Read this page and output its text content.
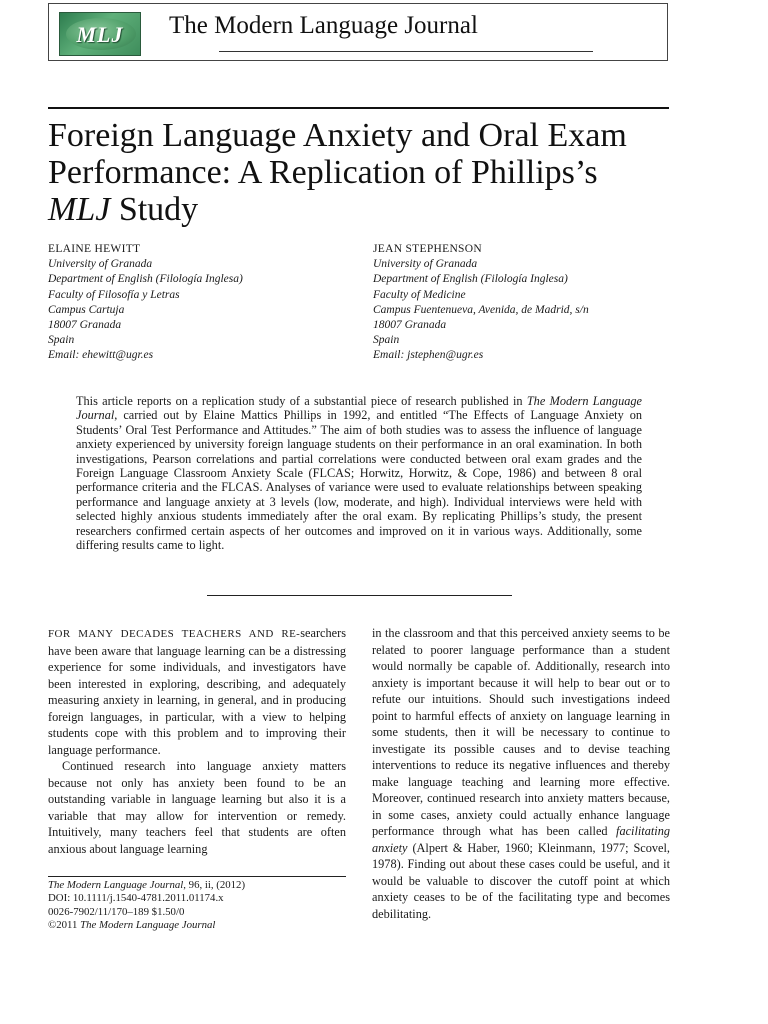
MLJ	The Modern Language Journal
Foreign Language Anxiety and Oral Exam Performance: A Replication of Phillips’s MLJ Study
ELAINE HEWITT
University of Granada
Department of English (Filología Inglesa)
Faculty of Filosofía y Letras
Campus Cartuja
18007 Granada
Spain
Email: ehewitt@ugr.es
JEAN STEPHENSON
University of Granada
Department of English (Filología Inglesa)
Faculty of Medicine
Campus Fuentenueva, Avenida, de Madrid, s/n
18007 Granada
Spain
Email: jstephen@ugr.es

This article reports on a replication study of a substantial piece of research published in The Modern Language Journal, carried out by Elaine Mattics Phillips in 1992, and entitled “The Effects of Language Anxiety on Students’ Oral Test Performance and Attitudes.” The aim of both studies was to assess the influence of language anxiety experienced by university foreign language students on their performance in an oral examination. In both investigations, Pearson correlations and partial correlations were conducted between oral exam grades and the Foreign Language Classroom Anxiety Scale (FLCAS; Horwitz, Horwitz, & Cope, 1986) and between 8 oral performance criteria and the FLCAS. Analyses of variance were used to evaluate relationships between speaking performance and language anxiety at 3 levels (low, moderate, and high). Individual interviews were held with selected highly anxious students immediately after the oral exam. By replicating Phillips’s study, the present researchers confirmed certain aspects of her outcomes and improved on it in various ways. Additionally, some differing results came to light.

FOR MANY DECADES TEACHERS AND RE-searchers have been aware that language learning can be a distressing experience for some individuals, and investigators have been interested in exploring, describing, and adequately measuring anxiety in learning, in general, and in producing foreign languages, in particular, with a view to helping students cope with this problem and to improving their language performance.

Continued research into language anxiety matters because not only has anxiety been found to be an outstanding variable in language learning but also it is a variable that may allow for intervention or remedy. Intuitively, many teachers feel that students are often anxious about language learning

in the classroom and that this perceived anxiety seems to be related to poorer language performance than a student would normally be capable of. Additionally, research into anxiety is important because it will help to bear out or to refute our intuitions. Should such investigations indeed point to harmful effects of anxiety on language learning in some students, then it will be necessary to continue to investigate its possible causes and to devise teaching interventions to reduce its negative influences and thereby make language teaching and learning more effective. Moreover, continued research into anxiety matters because, in some cases, anxiety could actually enhance language performance through what has been called facilitating anxiety (Alpert & Haber, 1960; Kleinmann, 1977; Scovel, 1978). Finding out about these cases could be useful, and it would be valuable to discover the cutoff point at which anxiety ceases to be of the facilitating type and becomes debilitating.

The Modern Language Journal, 96, ii, (2012)
DOI: 10.1111/j.1540-4781.2011.01174.x
0026-7902/11/170–189 $1.50/0
©2011 The Modern Language Journal
